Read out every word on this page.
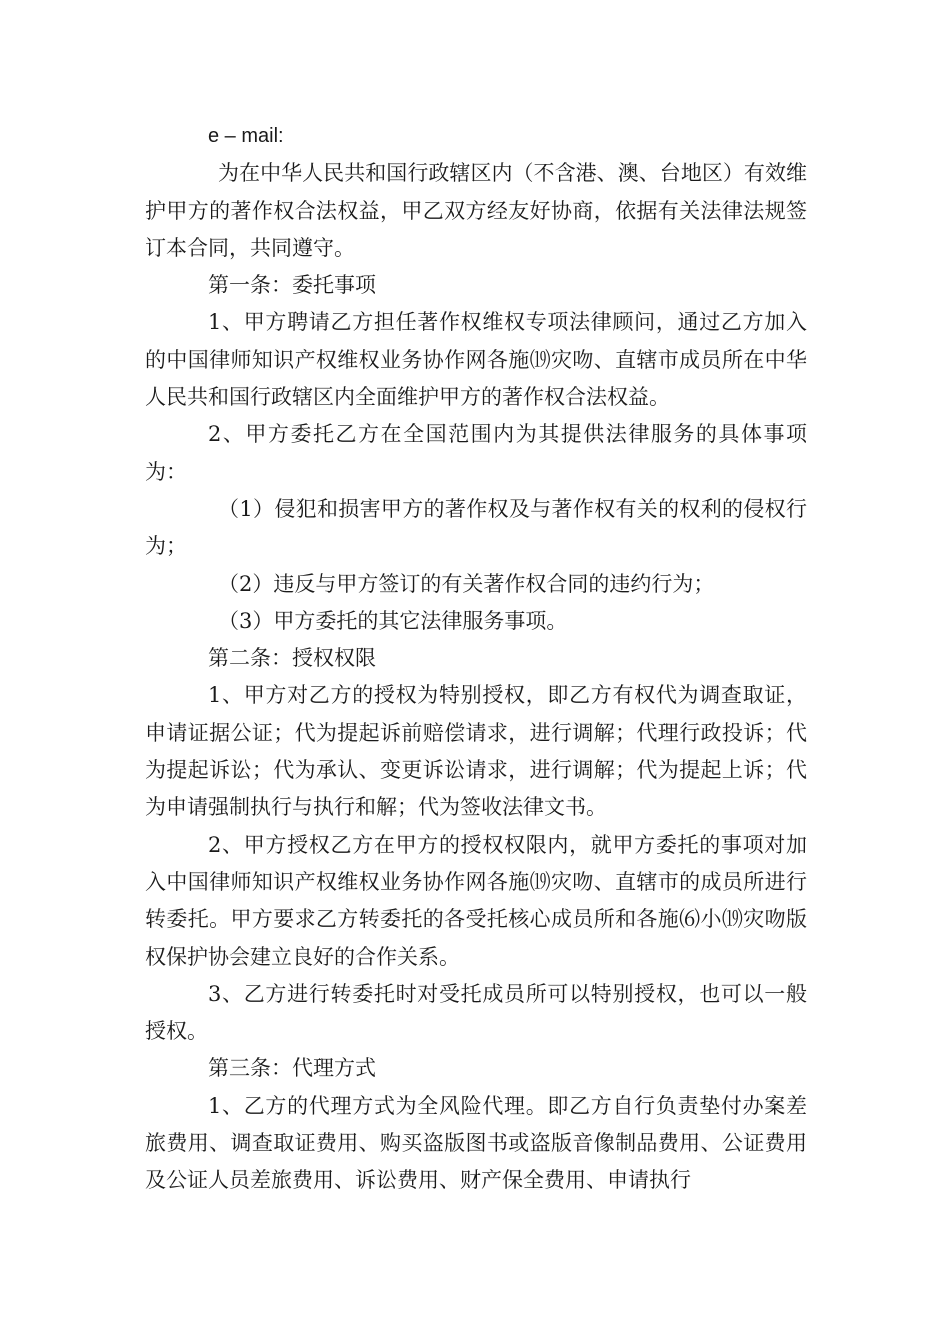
e – mail:

为在中华人民共和国行政辖区内（不含港、澳、台地区）有效维护甲方的著作权合法权益，甲乙双方经友好协商，依据有关法律法规签订本合同，共同遵守。

第一条：委托事项

1、甲方聘请乙方担任著作权维权专项法律顾问，通过乙方加入的中国律师知识产权维权业务协作网各施⒆灾吻、直辖市成员所在中华人民共和国行政辖区内全面维护甲方的著作权合法权益。

2、甲方委托乙方在全国范围内为其提供法律服务的具体事项为：

（1）侵犯和损害甲方的著作权及与著作权有关的权利的侵权行为；

（2）违反与甲方签订的有关著作权合同的违约行为；

（3）甲方委托的其它法律服务事项。

第二条：授权权限

1、甲方对乙方的授权为特别授权，即乙方有权代为调查取证，申请证据公证；代为提起诉前赔偿请求，进行调解；代理行政投诉；代为提起诉讼；代为承认、变更诉讼请求，进行调解；代为提起上诉；代为申请强制执行与执行和解；代为签收法律文书。

2、甲方授权乙方在甲方的授权权限内，就甲方委托的事项对加入中国律师知识产权维权业务协作网各施⒆灾吻、直辖市的成员所进行转委托。甲方要求乙方转委托的各受托核心成员所和各施⑹小⒆灾吻版权保护协会建立良好的合作关系。

3、乙方进行转委托时对受托成员所可以特别授权，也可以一般授权。

第三条：代理方式

1、乙方的代理方式为全风险代理。即乙方自行负责垫付办案差旅费用、调查取证费用、购买盗版图书或盗版音像制品费用、公证费用及公证人员差旅费用、诉讼费用、财产保全费用、申请执行
